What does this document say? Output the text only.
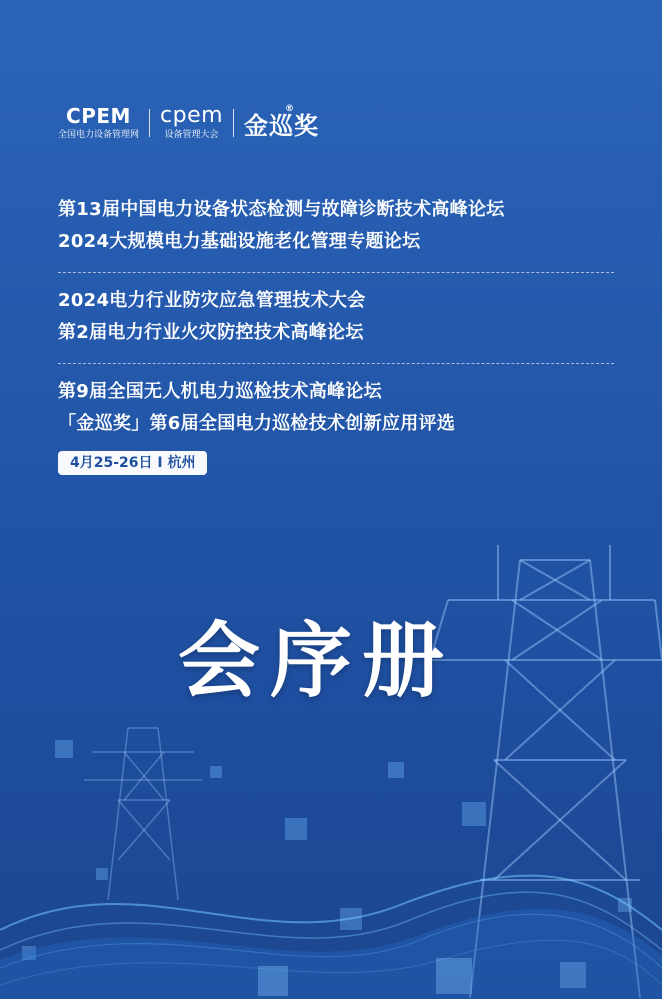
CPEM
全国电力设备管理网
cpem
设备管理大会 金巡奖
®
第13届中国电力设备状态检测与故障诊断技术高峰论坛
2024大规模电力基础设施老化管理专题论坛
2024电力行业防灾应急管理技术大会
第2届电力行业火灾防控技术高峰论坛
第9届全国无人机电力巡检技术高峰论坛
「金巡奖」第6届全国电力巡检技术创新应用评选
4月25-26日 I 杭州
会序册
